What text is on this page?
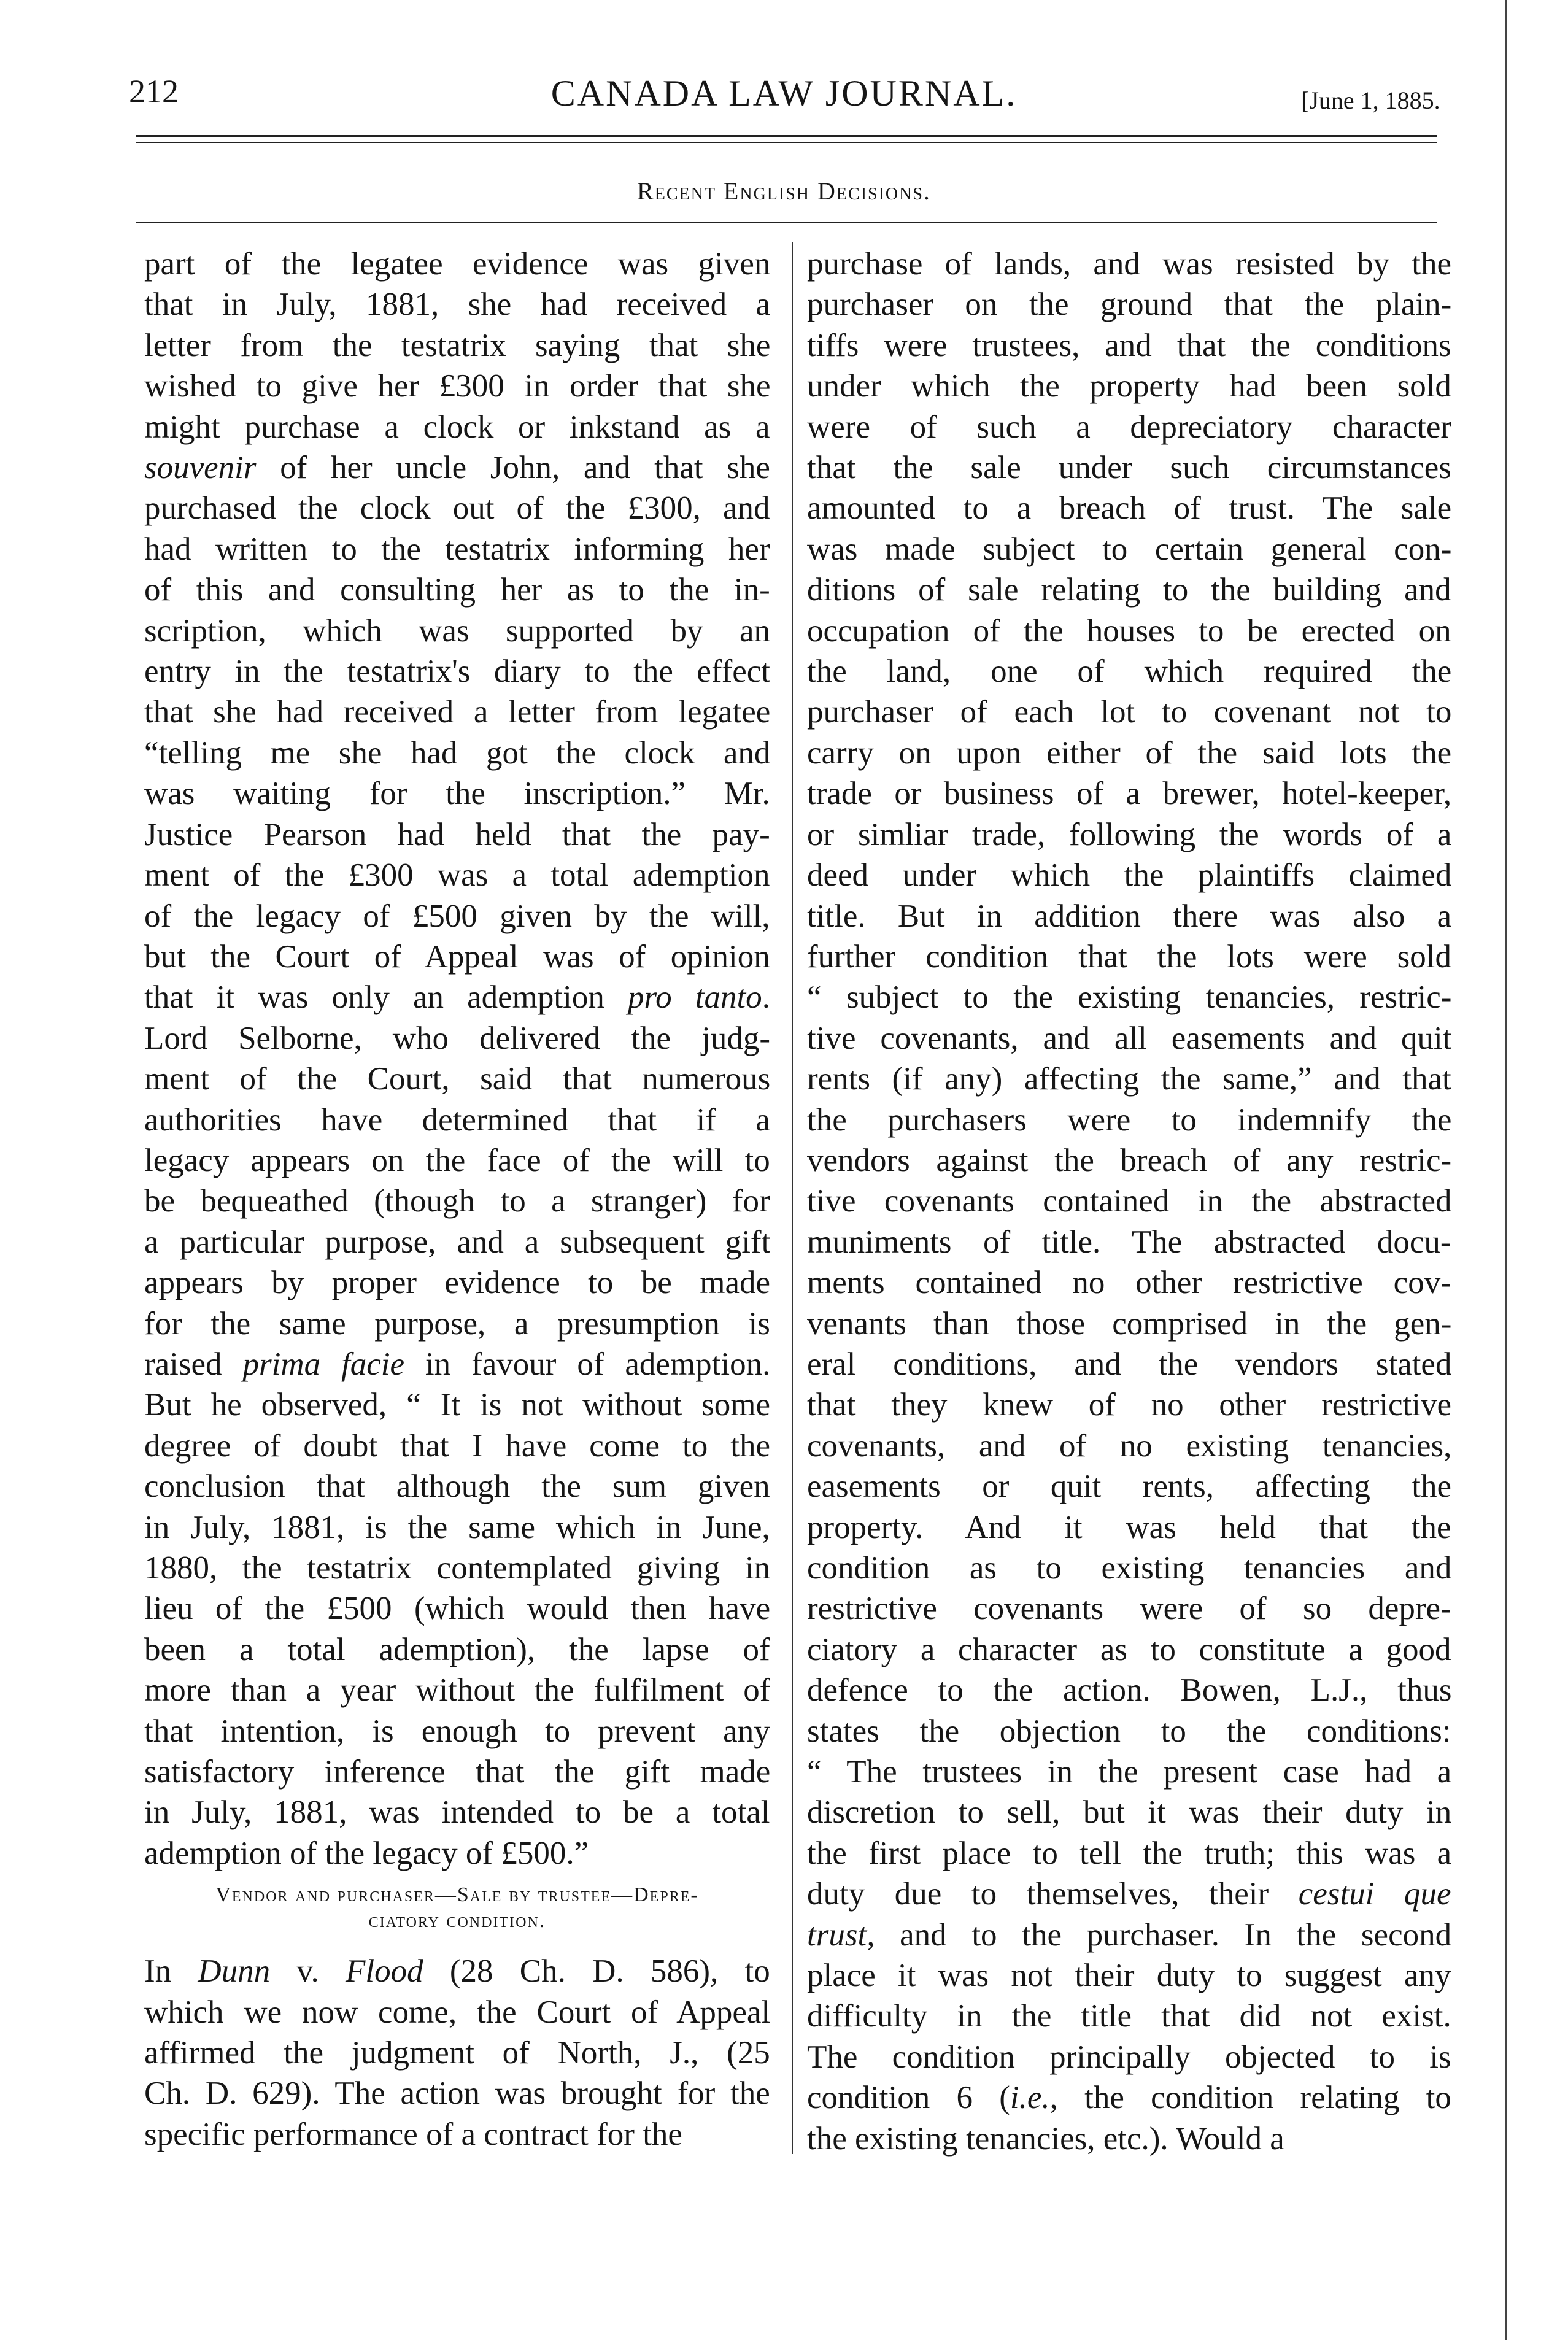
212	CANADA LAW JOURNAL.	[June 1, 1885.
Recent English Decisions.
part of the legatee evidence was given
that in July, 1881, she had received a
letter from the testatrix saying that she
wished to give her £300 in order that she
might purchase a clock or inkstand as a
souvenir of her uncle John, and that she
purchased the clock out of the £300, and
had written to the testatrix informing her
of this and consulting her as to the in-
scription, which was supported by an
entry in the testatrix's diary to the effect
that she had received a letter from legatee
“telling me she had got the clock and
was waiting for the inscription.” Mr.
Justice Pearson had held that the pay-
ment of the £300 was a total ademption
of the legacy of £500 given by the will,
but the Court of Appeal was of opinion
that it was only an ademption pro tanto.
Lord Selborne, who delivered the judg-
ment of the Court, said that numerous
authorities have determined that if a
legacy appears on the face of the will to
be bequeathed (though to a stranger) for
a particular purpose, and a subsequent gift
appears by proper evidence to be made
for the same purpose, a presumption is
raised prima facie in favour of ademption.
But he observed, “ It is not without some
degree of doubt that I have come to the
conclusion that although the sum given
in July, 1881, is the same which in June,
1880, the testatrix contemplated giving in
lieu of the £500 (which would then have
been a total ademption), the lapse of
more than a year without the fulfilment of
that intention, is enough to prevent any
satisfactory inference that the gift made
in July, 1881, was intended to be a total
ademption of the legacy of £500.”
Vendor and purchaser—Sale by trustee—Depre-
ciatory condition.
In Dunn v. Flood (28 Ch. D. 586), to
which we now come, the Court of Appeal
affirmed the judgment of North, J., (25
Ch. D. 629). The action was brought for the
specific performance of a contract for the
purchase of lands, and was resisted by the
purchaser on the ground that the plain-
tiffs were trustees, and that the conditions
under which the property had been sold
were of such a depreciatory character
that the sale under such circumstances
amounted to a breach of trust. The sale
was made subject to certain general con-
ditions of sale relating to the building and
occupation of the houses to be erected on
the land, one of which required the
purchaser of each lot to covenant not to
carry on upon either of the said lots the
trade or business of a brewer, hotel-keeper,
or simliar trade, following the words of a
deed under which the plaintiffs claimed
title. But in addition there was also a
further condition that the lots were sold
“ subject to the existing tenancies, restric-
tive covenants, and all easements and quit
rents (if any) affecting the same,” and that
the purchasers were to indemnify the
vendors against the breach of any restric-
tive covenants contained in the abstracted
muniments of title. The abstracted docu-
ments contained no other restrictive cov-
venants than those comprised in the gen-
eral conditions, and the vendors stated
that they knew of no other restrictive
covenants, and of no existing tenancies,
easements or quit rents, affecting the
property. And it was held that the
condition as to existing tenancies and
restrictive covenants were of so depre-
ciatory a character as to constitute a good
defence to the action. Bowen, L.J., thus
states the objection to the conditions:
“ The trustees in the present case had a
discretion to sell, but it was their duty in
the first place to tell the truth; this was a
duty due to themselves, their cestui que
trust, and to the purchaser. In the second
place it was not their duty to suggest any
difficulty in the title that did not exist.
The condition principally objected to is
condition 6 (i.e., the condition relating to
the existing tenancies, etc.). Would a
